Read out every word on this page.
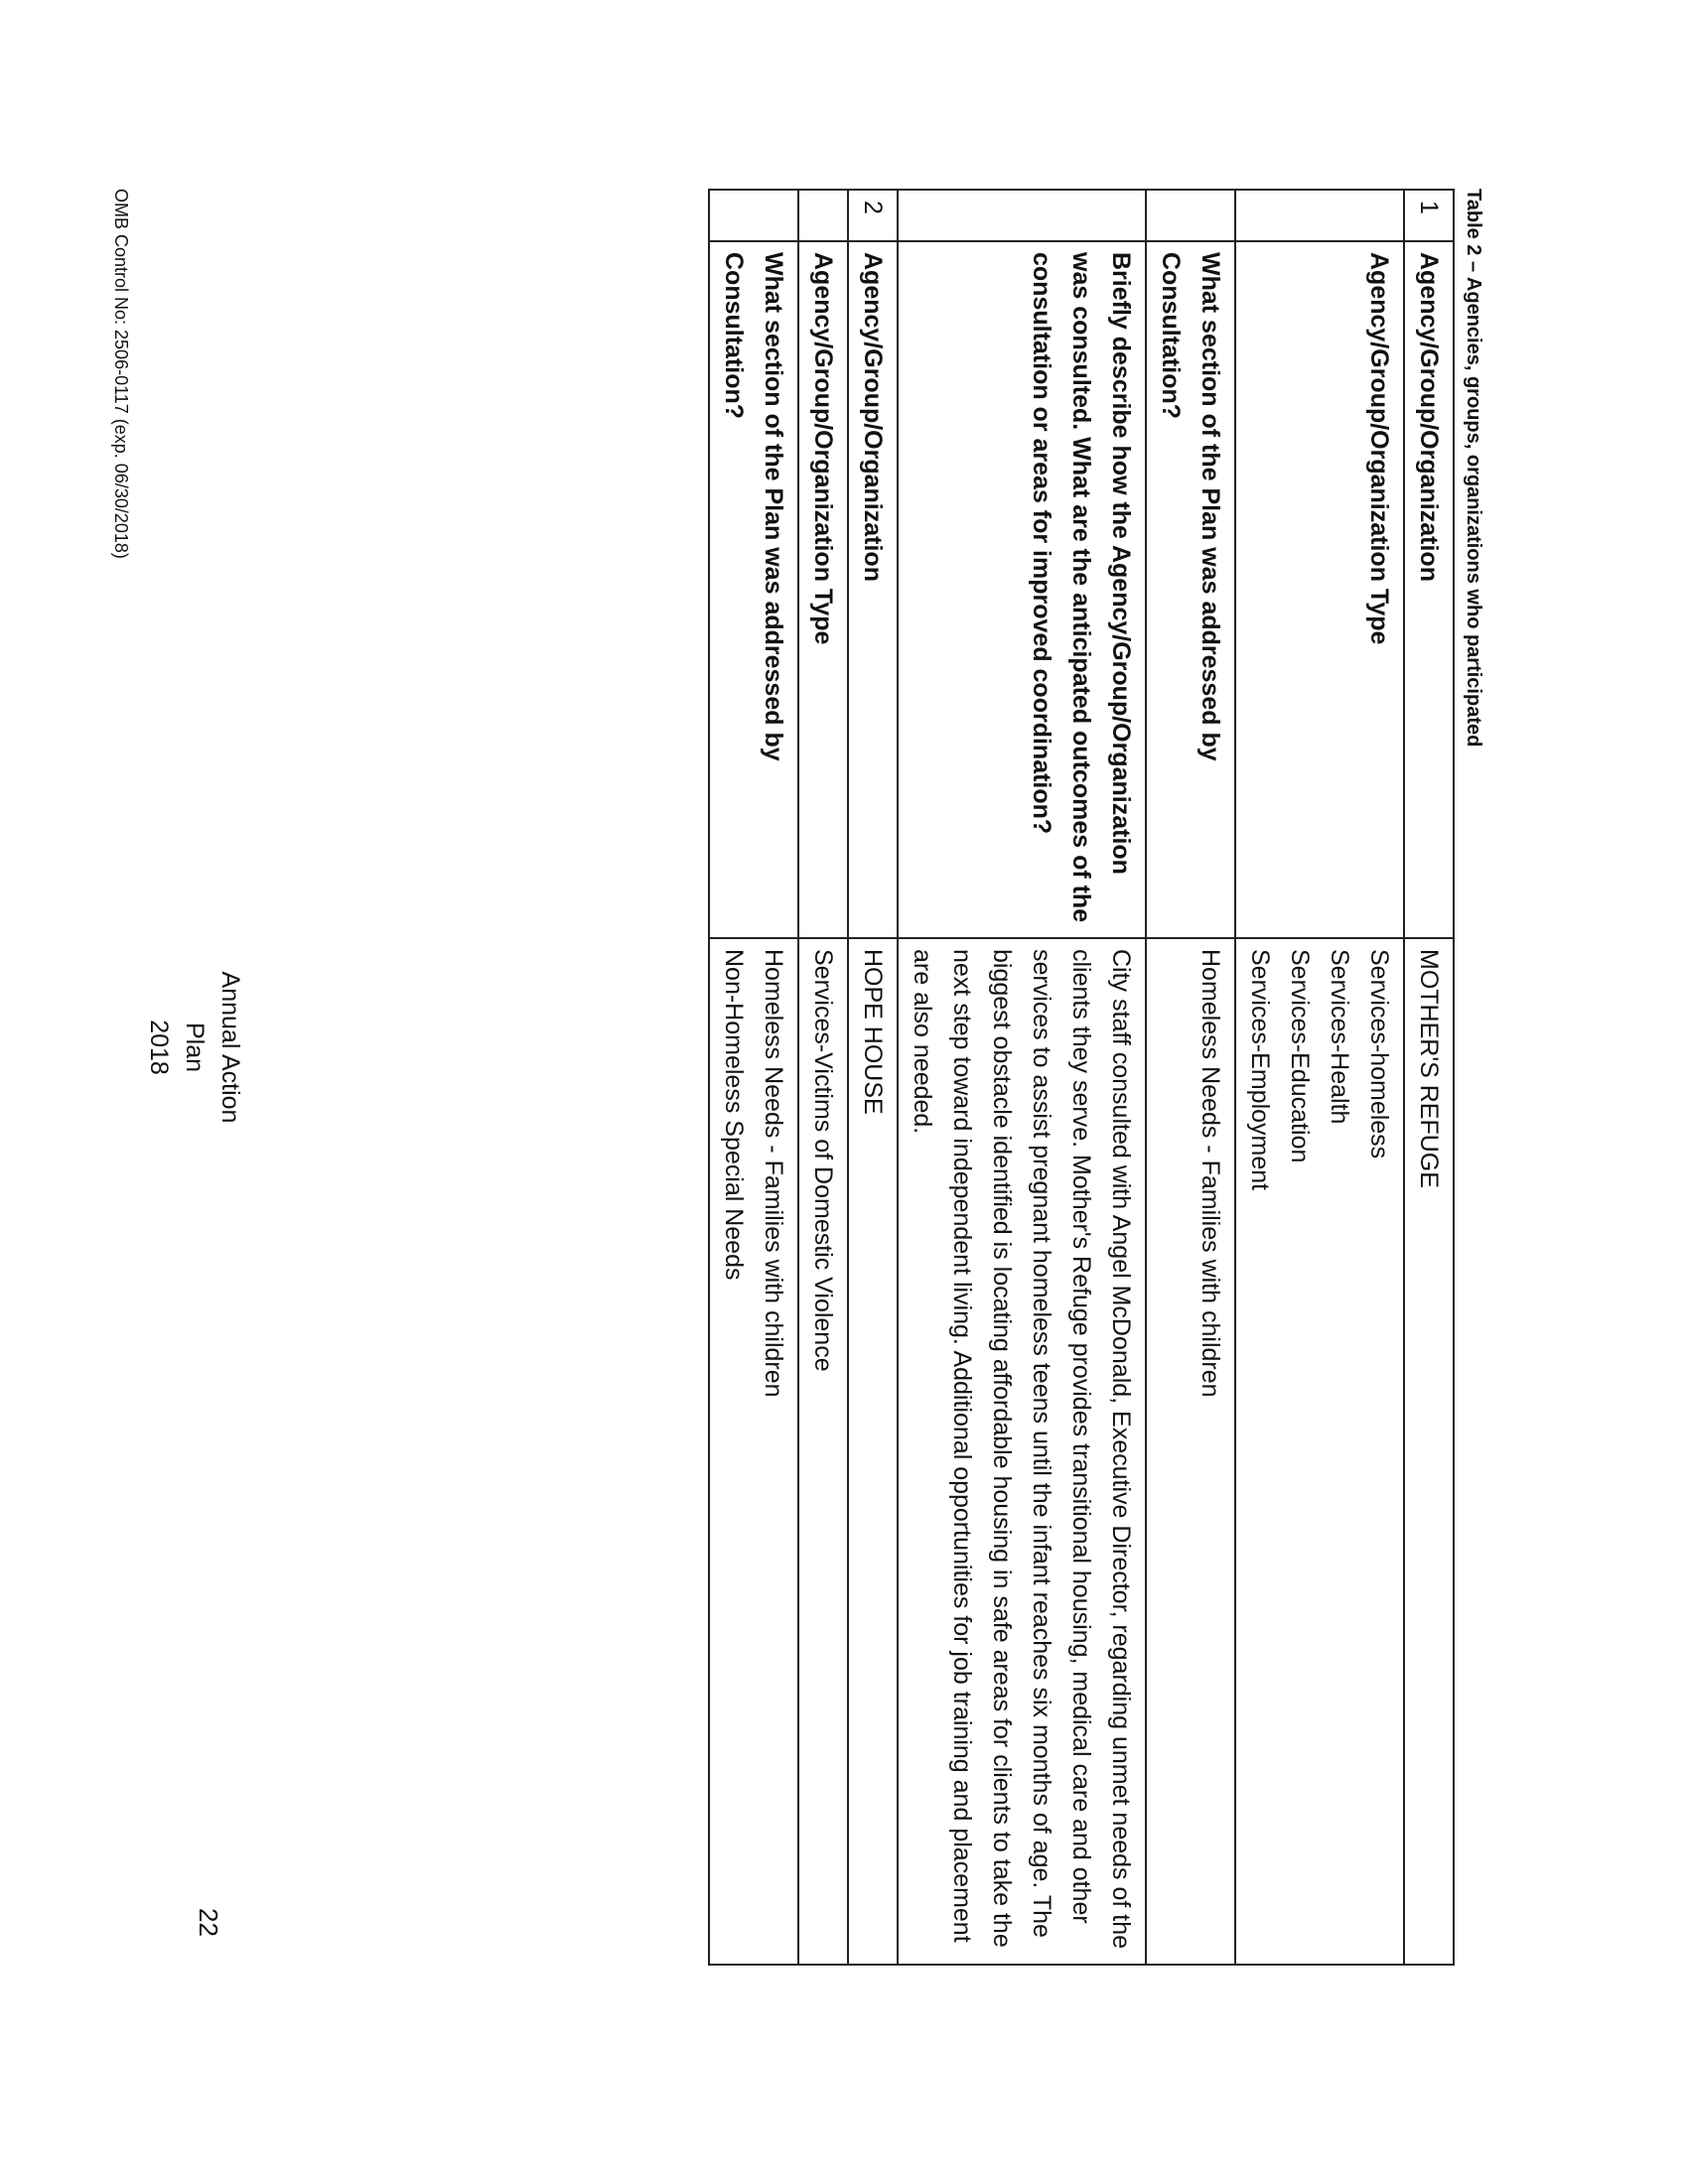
Table 2 – Agencies, groups, organizations who participated
1	Agency/Group/Organization	MOTHER'S REFUGE
	Agency/Group/Organization Type	Services-homeless
Services-Health
Services-Education
Services-Employment

	What section of the Plan was addressed by Consultation?	Homeless Needs - Families with children
	Briefly describe how the Agency/Group/Organization was consulted. What are the anticipated outcomes of the consultation or areas for improved coordination?	City staff consulted with Angel McDonald, Executive Director, regarding unmet needs of the clients they serve. Mother's Refuge provides transitional housing, medical care and other services to assist pregnant homeless teens until the infant reaches six months of age. The biggest obstacle identified is locating affordable housing in safe areas for clients to take the next step toward independent living. Additional opportunities for job training and placement are also needed.
2	Agency/Group/Organization	HOPE HOUSE
	Agency/Group/Organization Type	Services-Victims of Domestic Violence
	What section of the Plan was addressed by Consultation?	Homeless Needs - Families with children
Non-Homeless Special Needs
Annual Action Plan
2018
22
OMB Control No: 2506-0117 (exp. 06/30/2018)
